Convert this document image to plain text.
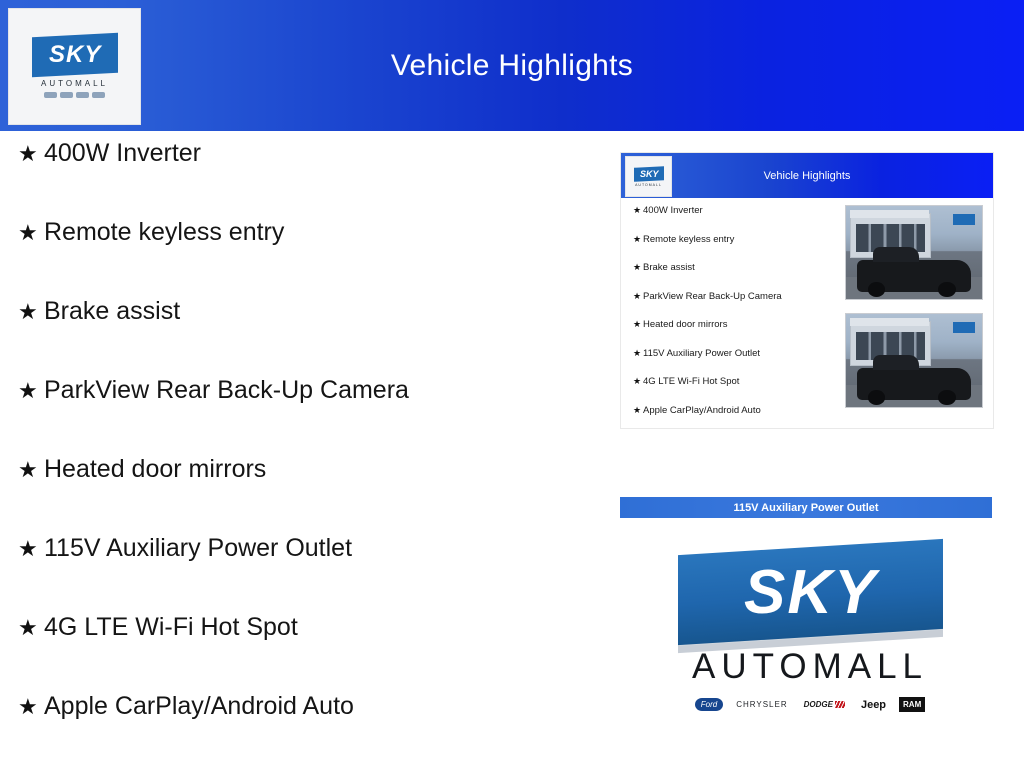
Vehicle Highlights
SKY
AUTOMALL
★ 400W Inverter
★ Remote keyless entry
★ Brake assist
★ ParkView Rear Back-Up Camera
★ Heated door mirrors
★ 115V Auxiliary Power Outlet
★ 4G LTE Wi-Fi Hot Spot
★ Apple CarPlay/Android Auto
Vehicle Highlights
SKY
AUTOMALL
★ 400W Inverter
★ Remote keyless entry
★ Brake assist
★ ParkView Rear Back-Up Camera
★ Heated door mirrors
★ 115V Auxiliary Power Outlet
★ 4G LTE Wi-Fi Hot Spot
★ Apple CarPlay/Android Auto
115V Auxiliary Power Outlet
SKY
AUTOMALL
Ford	CHRYSLER	DODGE	Jeep	RAM
